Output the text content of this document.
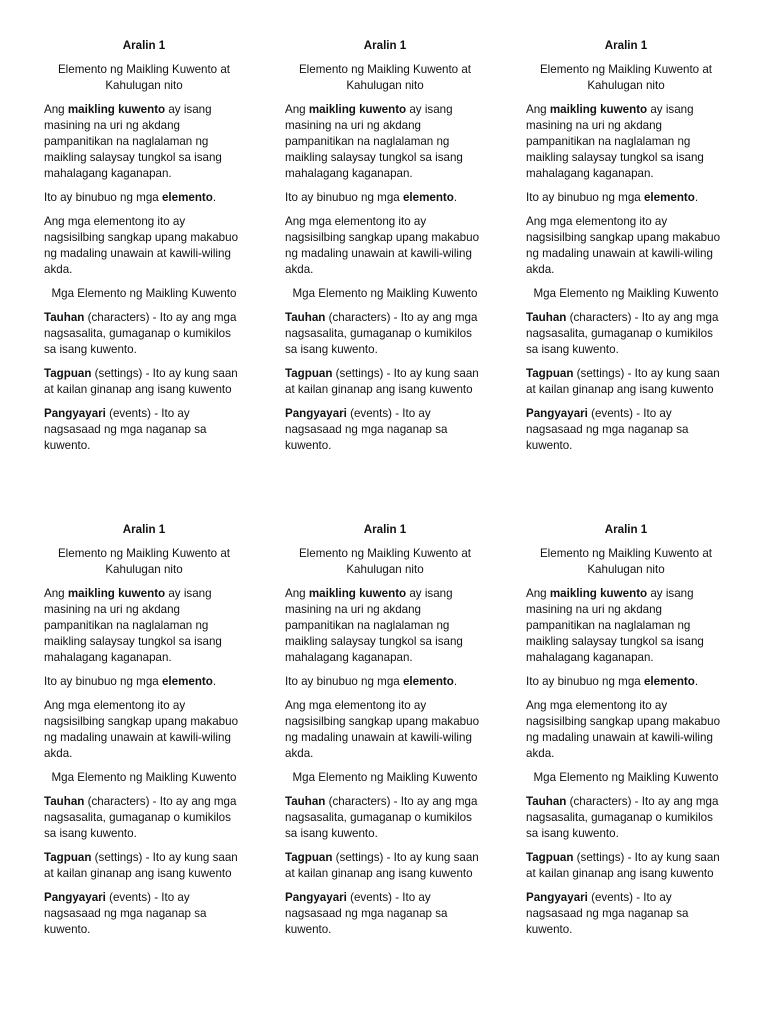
Aralin 1

Elemento ng Maikling Kuwento at Kahulugan nito

Ang maikling kuwento ay isang masining na uri ng akdang pampanitikan na naglalaman ng maikling salaysay tungkol sa isang mahalagang kaganapan.

Ito ay binubuo ng mga elemento.

Ang mga elementong ito ay nagsisilbing sangkap upang makabuo ng madaling unawain at kawili-wiling akda.

Mga Elemento ng Maikling Kuwento

Tauhan (characters) - Ito ay ang mga nagsasalita, gumaganap o kumikilos sa isang kuwento.

Tagpuan (settings) - Ito ay kung saan at kailan ginanap ang isang kuwento

Pangyayari (events) - Ito ay nagsasaad ng mga naganap sa kuwento.

Aralin 1

Elemento ng Maikling Kuwento at Kahulugan nito

Ang maikling kuwento ay isang masining na uri ng akdang pampanitikan na naglalaman ng maikling salaysay tungkol sa isang mahalagang kaganapan.

Ito ay binubuo ng mga elemento.

Ang mga elementong ito ay nagsisilbing sangkap upang makabuo ng madaling unawain at kawili-wiling akda.

Mga Elemento ng Maikling Kuwento

Tauhan (characters) - Ito ay ang mga nagsasalita, gumaganap o kumikilos sa isang kuwento.

Tagpuan (settings) - Ito ay kung saan at kailan ginanap ang isang kuwento

Pangyayari (events) - Ito ay nagsasaad ng mga naganap sa kuwento.

Aralin 1

Elemento ng Maikling Kuwento at Kahulugan nito

Ang maikling kuwento ay isang masining na uri ng akdang pampanitikan na naglalaman ng maikling salaysay tungkol sa isang mahalagang kaganapan.

Ito ay binubuo ng mga elemento.

Ang mga elementong ito ay nagsisilbing sangkap upang makabuo ng madaling unawain at kawili-wiling akda.

Mga Elemento ng Maikling Kuwento

Tauhan (characters) - Ito ay ang mga nagsasalita, gumaganap o kumikilos sa isang kuwento.

Tagpuan (settings) - Ito ay kung saan at kailan ginanap ang isang kuwento

Pangyayari (events) - Ito ay nagsasaad ng mga naganap sa kuwento.

Aralin 1

Elemento ng Maikling Kuwento at Kahulugan nito

Ang maikling kuwento ay isang masining na uri ng akdang pampanitikan na naglalaman ng maikling salaysay tungkol sa isang mahalagang kaganapan.

Ito ay binubuo ng mga elemento.

Ang mga elementong ito ay nagsisilbing sangkap upang makabuo ng madaling unawain at kawili-wiling akda.

Mga Elemento ng Maikling Kuwento

Tauhan (characters) - Ito ay ang mga nagsasalita, gumaganap o kumikilos sa isang kuwento.

Tagpuan (settings) - Ito ay kung saan at kailan ginanap ang isang kuwento

Pangyayari (events) - Ito ay nagsasaad ng mga naganap sa kuwento.

Aralin 1

Elemento ng Maikling Kuwento at Kahulugan nito

Ang maikling kuwento ay isang masining na uri ng akdang pampanitikan na naglalaman ng maikling salaysay tungkol sa isang mahalagang kaganapan.

Ito ay binubuo ng mga elemento.

Ang mga elementong ito ay nagsisilbing sangkap upang makabuo ng madaling unawain at kawili-wiling akda.

Mga Elemento ng Maikling Kuwento

Tauhan (characters) - Ito ay ang mga nagsasalita, gumaganap o kumikilos sa isang kuwento.

Tagpuan (settings) - Ito ay kung saan at kailan ginanap ang isang kuwento

Pangyayari (events) - Ito ay nagsasaad ng mga naganap sa kuwento.

Aralin 1

Elemento ng Maikling Kuwento at Kahulugan nito

Ang maikling kuwento ay isang masining na uri ng akdang pampanitikan na naglalaman ng maikling salaysay tungkol sa isang mahalagang kaganapan.

Ito ay binubuo ng mga elemento.

Ang mga elementong ito ay nagsisilbing sangkap upang makabuo ng madaling unawain at kawili-wiling akda.

Mga Elemento ng Maikling Kuwento

Tauhan (characters) - Ito ay ang mga nagsasalita, gumaganap o kumikilos sa isang kuwento.

Tagpuan (settings) - Ito ay kung saan at kailan ginanap ang isang kuwento

Pangyayari (events) - Ito ay nagsasaad ng mga naganap sa kuwento.
